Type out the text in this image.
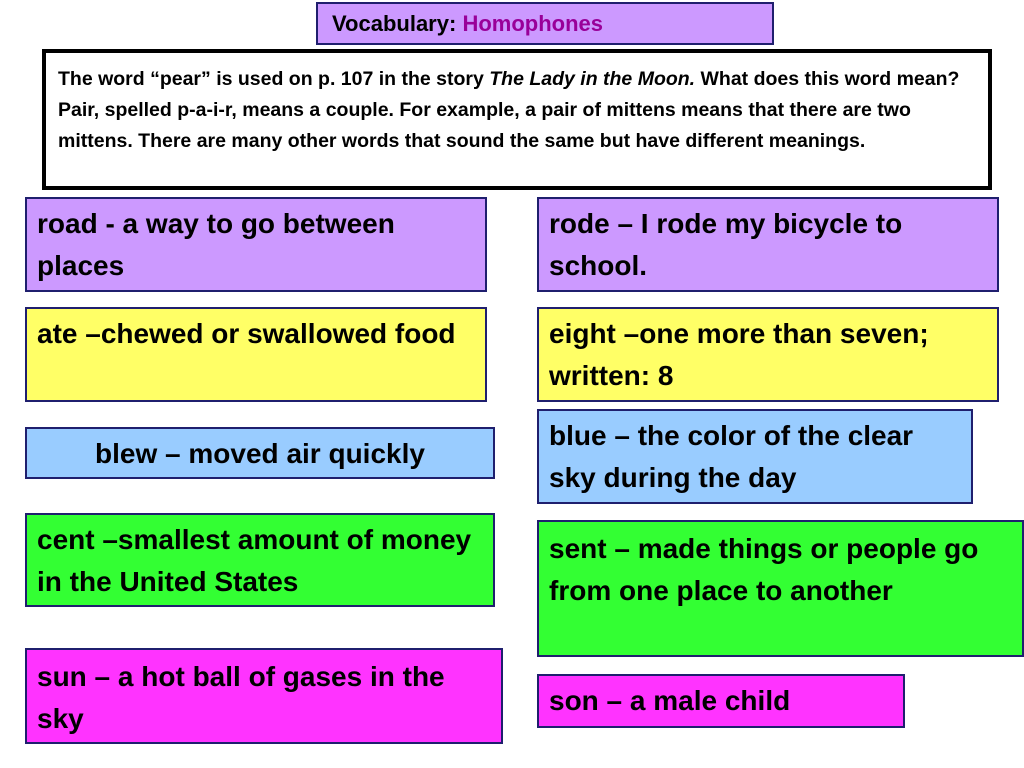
Vocabulary: Homophones
The word “pear” is used on p. 107 in the story The Lady in the Moon. What does this word mean? Pair, spelled p-a-i-r, means a couple. For example, a pair of mittens means that there are two mittens. There are many other words that sound the same but have different meanings.
road - a way to go between places
rode – I rode my bicycle to school.
ate –chewed or swallowed food	eight –one more than seven; written: 8
blew – moved air quickly
blue – the color of the clear sky during the day
cent –smallest amount of money in the United States
sent – made things or people go from one place to another
sun – a hot ball of gases in the sky
son – a male child
